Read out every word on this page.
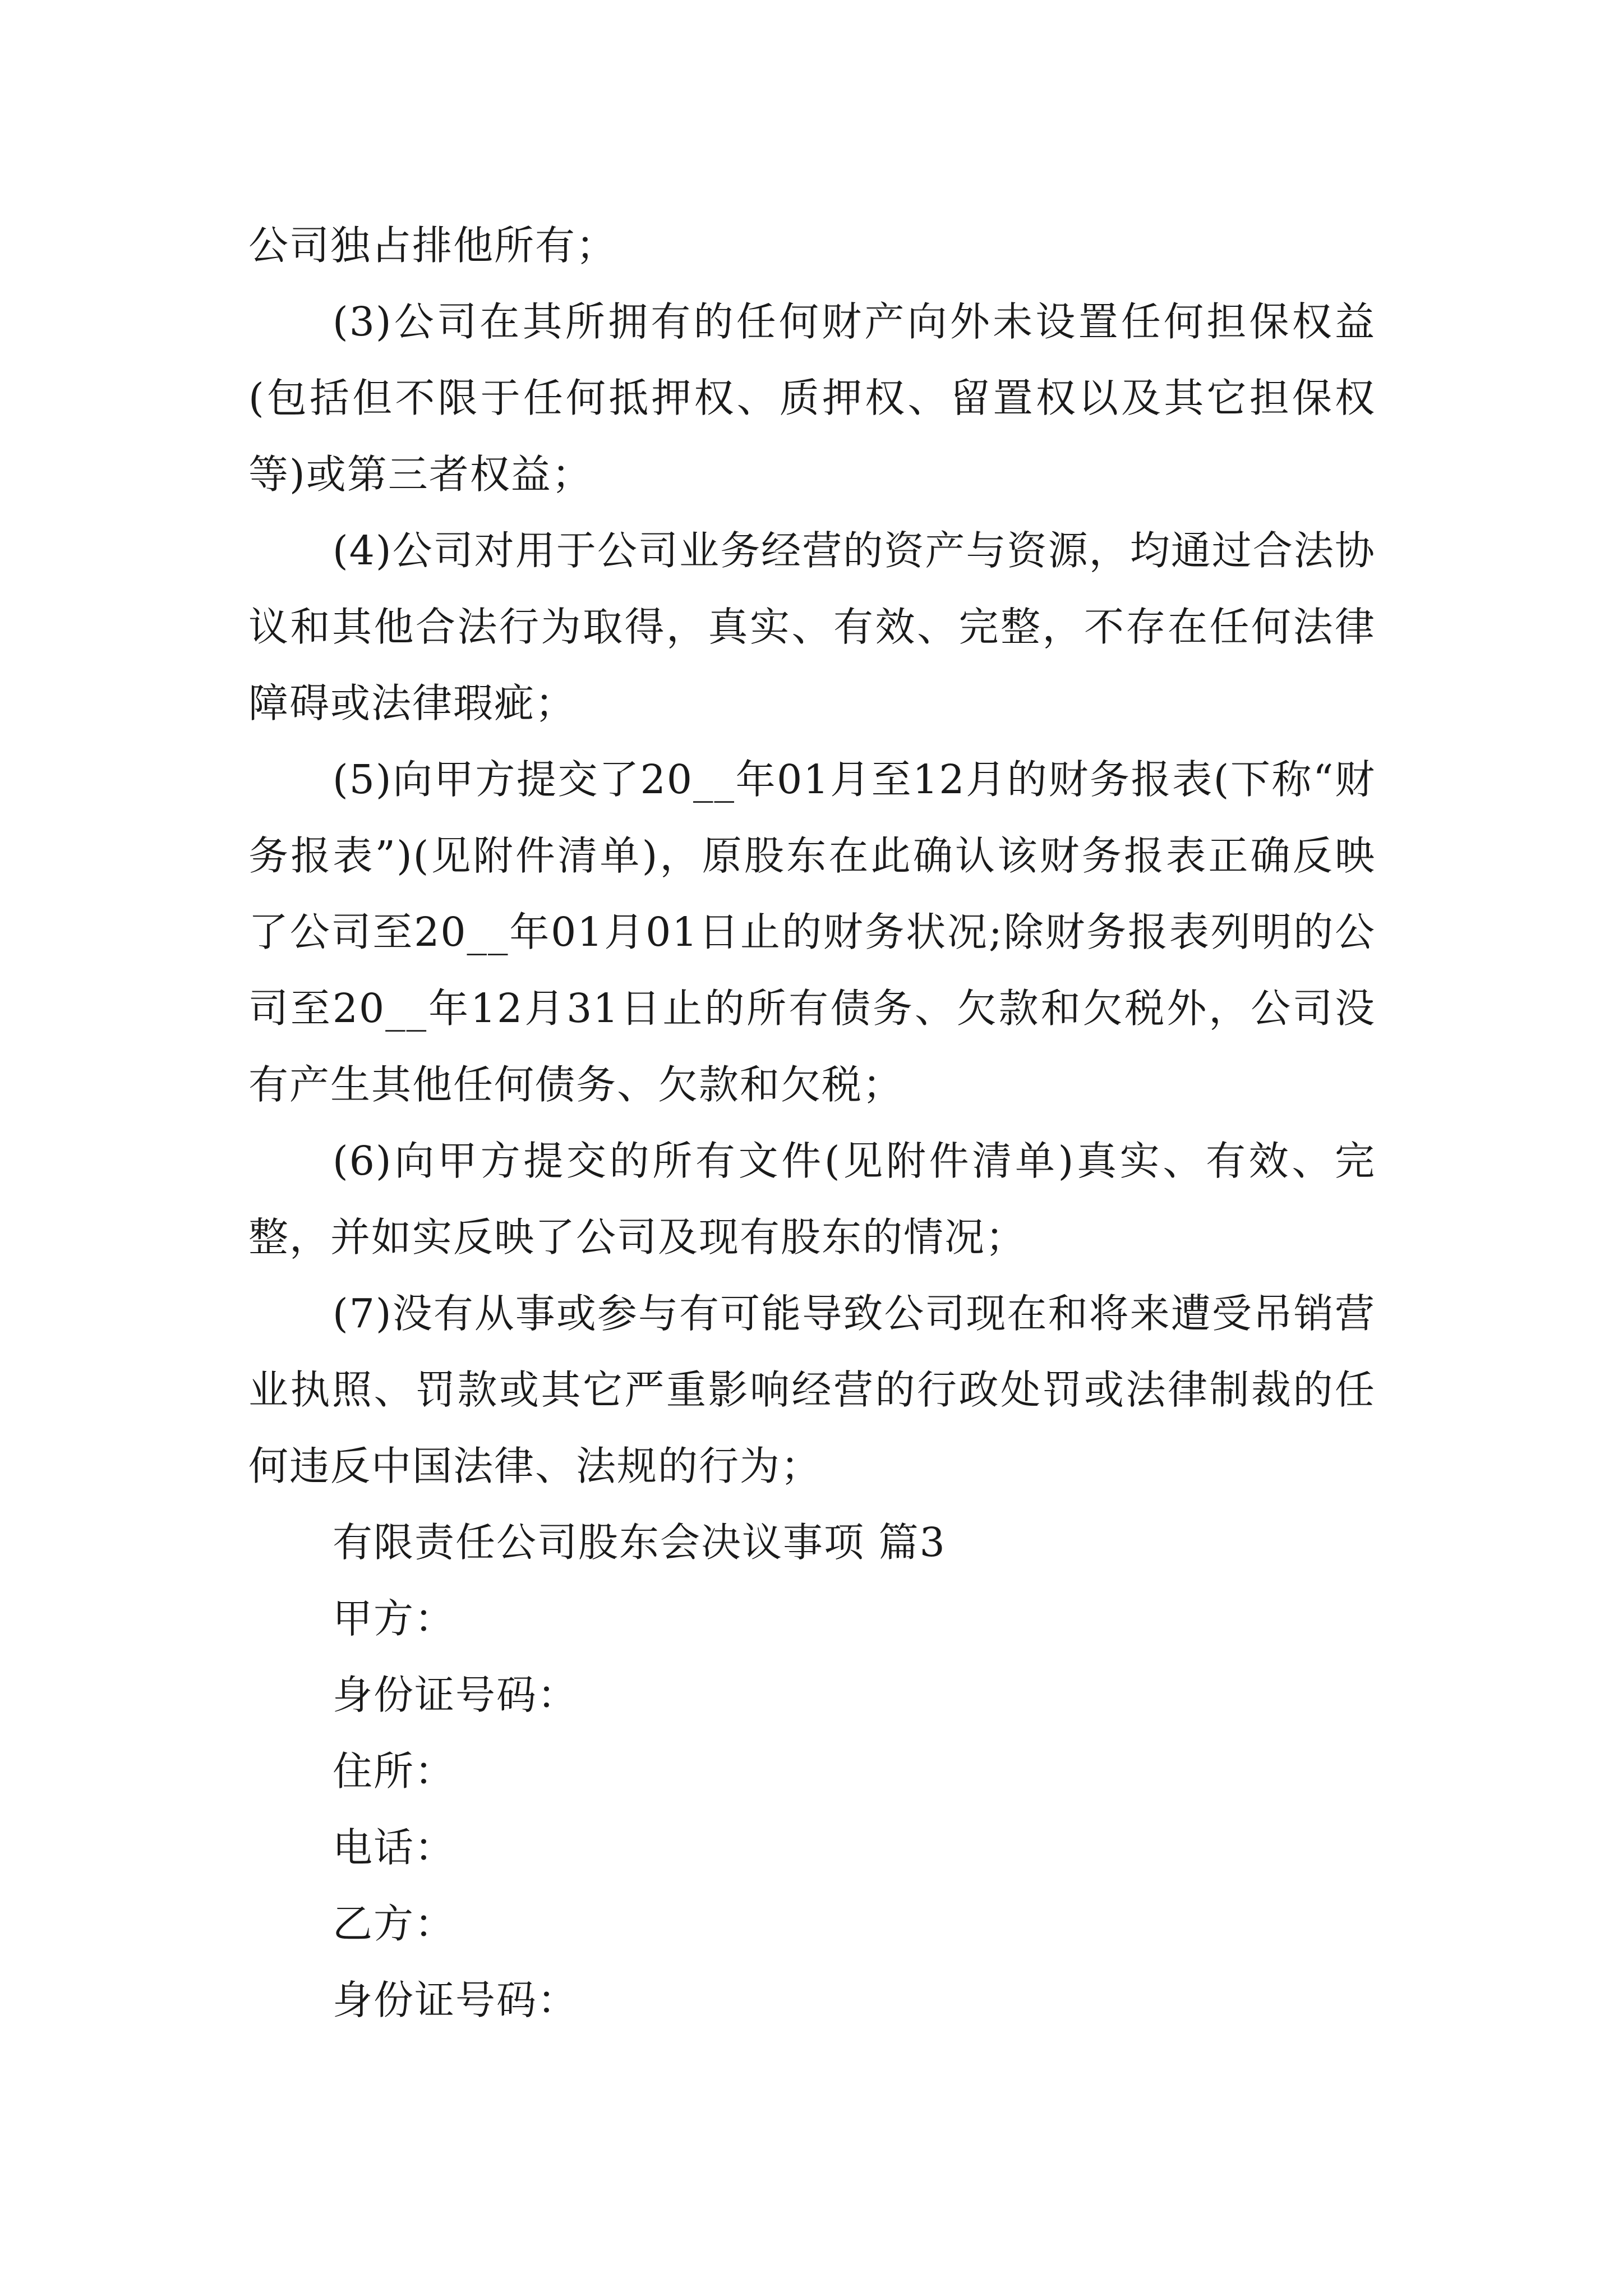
公司独占排他所有；

(3)公司在其所拥有的任何财产向外未设置任何担保权益(包括但不限于任何抵押权、质押权、留置权以及其它担保权等)或第三者权益；

(4)公司对用于公司业务经营的资产与资源，均通过合法协议和其他合法行为取得，真实、有效、完整，不存在任何法律障碍或法律瑕疵；

(5)向甲方提交了20__年01月至12月的财务报表(下称“财务报表”)(见附件清单)，原股东在此确认该财务报表正确反映了公司至20__年01月01日止的财务状况;除财务报表列明的公司至20__年12月31日止的所有债务、欠款和欠税外，公司没有产生其他任何债务、欠款和欠税；

(6)向甲方提交的所有文件(见附件清单)真实、有效、完整，并如实反映了公司及现有股东的情况；

(7)没有从事或参与有可能导致公司现在和将来遭受吊销营业执照、罚款或其它严重影响经营的行政处罚或法律制裁的任何违反中国法律、法规的行为；

有限责任公司股东会决议事项 篇3

甲方：

身份证号码：

住所：

电话：

乙方：

身份证号码：
